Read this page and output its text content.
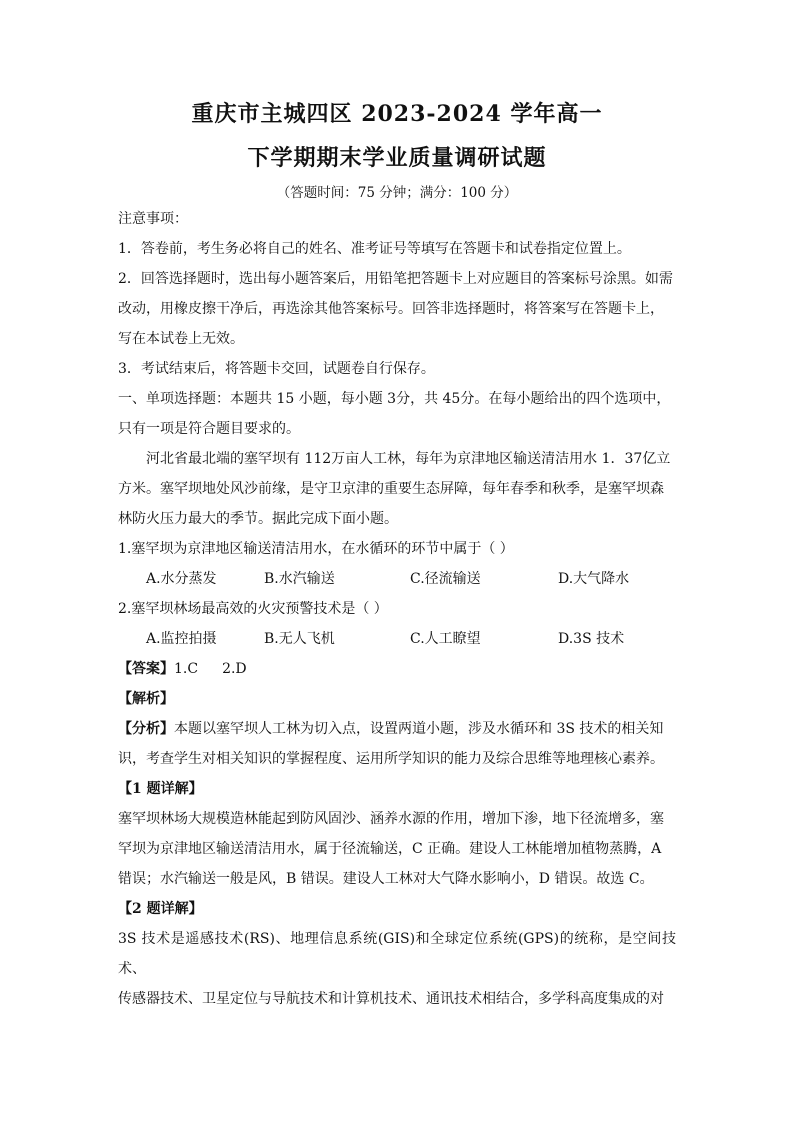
重庆市主城四区 2023-2024 学年高一
下学期期末学业质量调研试题
（答题时间：75 分钟；满分：100 分）

注意事项：

1．答卷前，考生务必将自己的姓名、准考证号等填写在答题卡和试卷指定位置上。

2．回答选择题时，选出每小题答案后，用铅笔把答题卡上对应题目的答案标号涂黑。如需

改动，用橡皮擦干净后，再选涂其他答案标号。回答非选择题时，将答案写在答题卡上，

写在本试卷上无效。

3．考试结束后，将答题卡交回，试题卷自行保存。

一、单项选择题：本题共 15 小题，每小题 3分，共 45分。在每小题给出的四个选项中，

只有一项是符合题目要求的。

河北省最北端的塞罕坝有 112万亩人工林，每年为京津地区输送清洁用水 1．37亿立

方米。塞罕坝地处风沙前缘，是守卫京津的重要生态屏障，每年春季和秋季，是塞罕坝森

林防火压力最大的季节。据此完成下面小题。

1.塞罕坝为京津地区输送清洁用水，在水循环的环节中属于（ ）

A.水分蒸发	B.水汽输送	C.径流输送	D.大气降水

2.塞罕坝林场最高效的火灾预警技术是（ ）

A.监控拍摄	B.无人飞机	C.人工瞭望	D.3S 技术

【答案】1.C 2.D

【解析】

【分析】本题以塞罕坝人工林为切入点，设置两道小题，涉及水循环和 3S 技术的相关知

识，考查学生对相关知识的掌握程度、运用所学知识的能力及综合思维等地理核心素养。

【1 题详解】

塞罕坝林场大规模造林能起到防风固沙、涵养水源的作用，增加下渗，地下径流增多，塞

罕坝为京津地区输送清洁用水，属于径流输送，C 正确。建设人工林能增加植物蒸腾，A

错误；水汽输送一般是风，B 错误。建设人工林对大气降水影响小，D 错误。故选 C。

【2 题详解】

3S 技术是遥感技术(RS)、地理信息系统(GIS)和全球定位系统(GPS)的统称，是空间技术、

传感器技术、卫星定位与导航技术和计算机技术、通讯技术相结合，多学科高度集成的对
